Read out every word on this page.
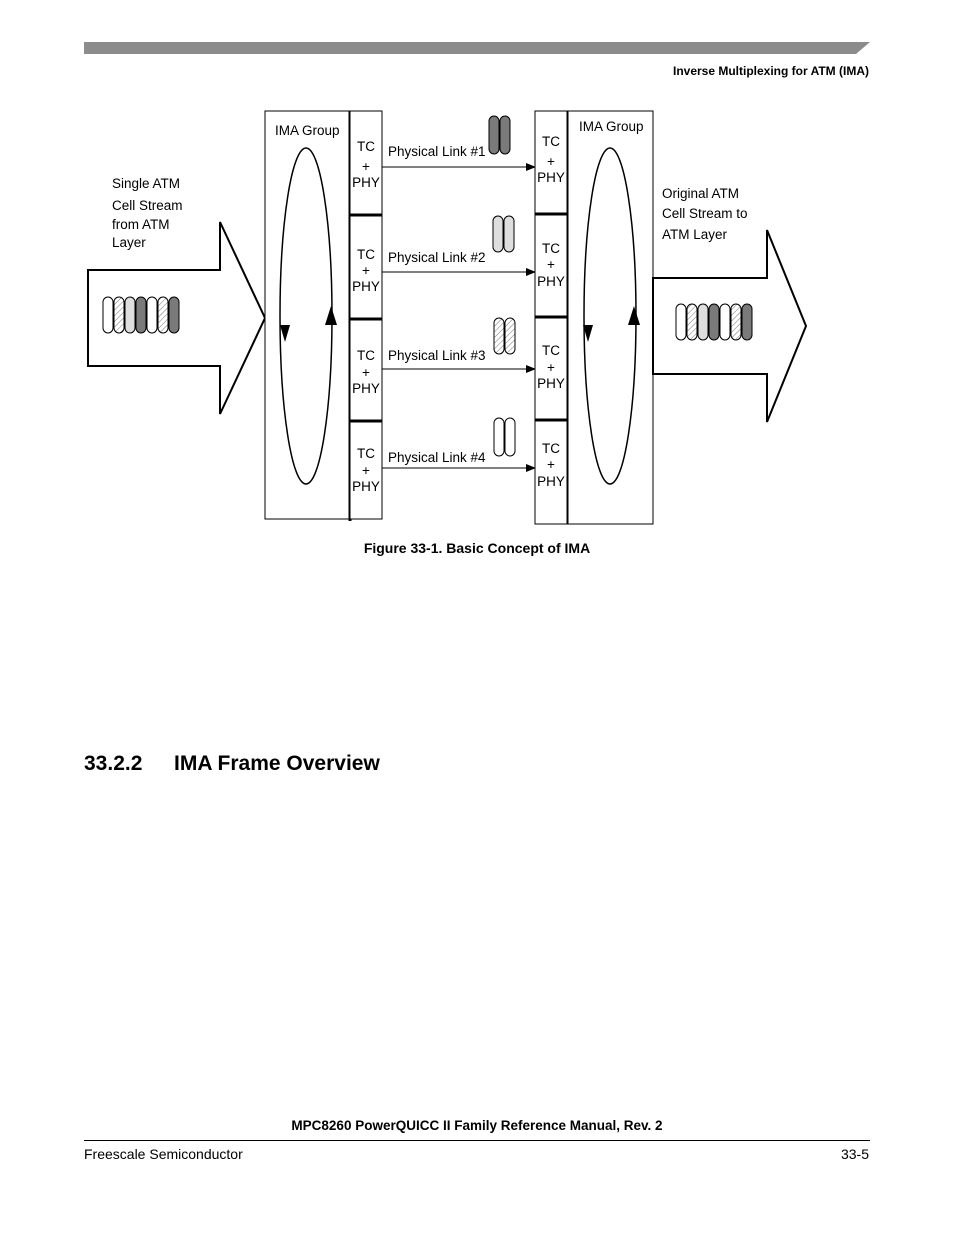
Inverse Multiplexing for ATM (IMA)
Single ATM
Cell Stream
from ATM
Layer
IMA Group
TC
+
PHY
TC
+
PHY
TC
+
PHY
TC
+
PHY
Physical Link #1
Physical Link #2
Physical Link #3
Physical Link #4
IMA Group
TC
+
PHY
TC
+
PHY
TC
+
PHY
TC
+
PHY
Original ATM
Cell Stream to
ATM Layer
Figure 33-1. Basic Concept of IMA
33.2.2 IMA Frame Overview
MPC8260 PowerQUICC II Family Reference Manual, Rev. 2
Freescale Semiconductor	33-5
